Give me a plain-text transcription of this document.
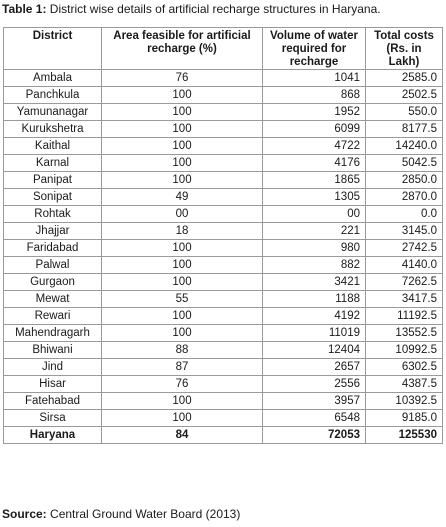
Table 1: District wise details of artificial recharge structures in Haryana.
District	Area feasible for artificial recharge (%)	Volume of water required for recharge	Total costs (Rs. in Lakh)
Ambala	76	1041	2585.0
Panchkula	100	868	2502.5
Yamunanagar	100	1952	550.0
Kurukshetra	100	6099	8177.5
Kaithal	100	4722	14240.0
Karnal	100	4176	5042.5
Panipat	100	1865	2850.0
Sonipat	49	1305	2870.0
Rohtak	00	00	0.0
Jhajjar	18	221	3145.0
Faridabad	100	980	2742.5
Palwal	100	882	4140.0
Gurgaon	100	3421	7262.5
Mewat	55	1188	3417.5
Rewari	100	4192	11192.5
Mahendragarh	100	11019	13552.5
Bhiwani	88	12404	10992.5
Jind	87	2657	6302.5
Hisar	76	2556	4387.5
Fatehabad	100	3957	10392.5
Sirsa	100	6548	9185.0
Haryana	84	72053	125530
Source: Central Ground Water Board (2013)
